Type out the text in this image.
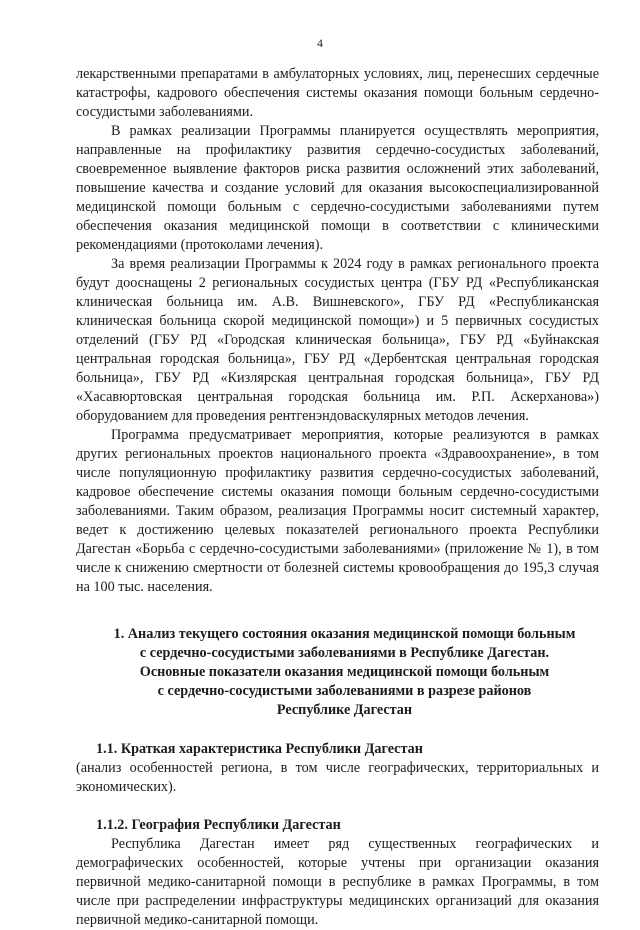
4

лекарственными препаратами в амбулаторных условиях, лиц, перенесших сердечные катастрофы, кадрового обеспечения системы оказания помощи больным сердечно-сосудистыми заболеваниями.

В рамках реализации Программы планируется осуществлять мероприятия, направленные на профилактику развития сердечно-сосудистых заболеваний, своевременное выявление факторов риска развития осложнений этих заболеваний, повышение качества и создание условий для оказания высокоспециализированной медицинской помощи больным с сердечно-сосудистыми заболеваниями путем обеспечения оказания медицинской помощи в соответствии с клиническими рекомендациями (протоколами лечения).

За время реализации Программы к 2024 году в рамках регионального проекта будут дооснащены 2 региональных сосудистых центра (ГБУ РД «Республиканская клиническая больница им. А.В. Вишневского», ГБУ РД «Республиканская клиническая больница скорой медицинской помощи») и 5 первичных сосудистых отделений (ГБУ РД «Городская клиническая больница», ГБУ РД «Буйнакская центральная городская больница», ГБУ РД «Дербентская центральная городская больница», ГБУ РД «Кизлярская центральная городская больница», ГБУ РД «Хасавюртовская центральная городская больница им. Р.П. Аскерханова») оборудованием для проведения рентгенэндоваскулярных методов лечения.

Программа предусматривает мероприятия, которые реализуются в рамках других региональных проектов национального проекта «Здравоохранение», в том числе популяционную профилактику развития сердечно-сосудистых заболеваний, кадровое обеспечение системы оказания помощи больным сердечно-сосудистыми заболеваниями. Таким образом, реализация Программы носит системный характер, ведет к достижению целевых показателей регионального проекта Республики Дагестан «Борьба с сердечно-сосудистыми заболеваниями» (приложение № 1), в том числе к снижению смертности от болезней системы кровообращения до 195,3 случая на 100 тыс. населения.

1. Анализ текущего состояния оказания медицинской помощи больным

с сердечно-сосудистыми заболеваниями в Республике Дагестан.

Основные показатели оказания медицинской помощи больным

с сердечно-сосудистыми заболеваниями в разрезе районов

Республике Дагестан

1.1. Краткая характеристика Республики Дагестан

(анализ особенностей региона, в том числе географических, территориальных и экономических).

1.1.2. География Республики Дагестан

Республика Дагестан имеет ряд существенных географических и демографических особенностей, которые учтены при организации оказания первичной медико-санитарной помощи в республике в рамках Программы, в том числе при распределении инфраструктуры медицинских организаций для оказания первичной медико-санитарной помощи.
